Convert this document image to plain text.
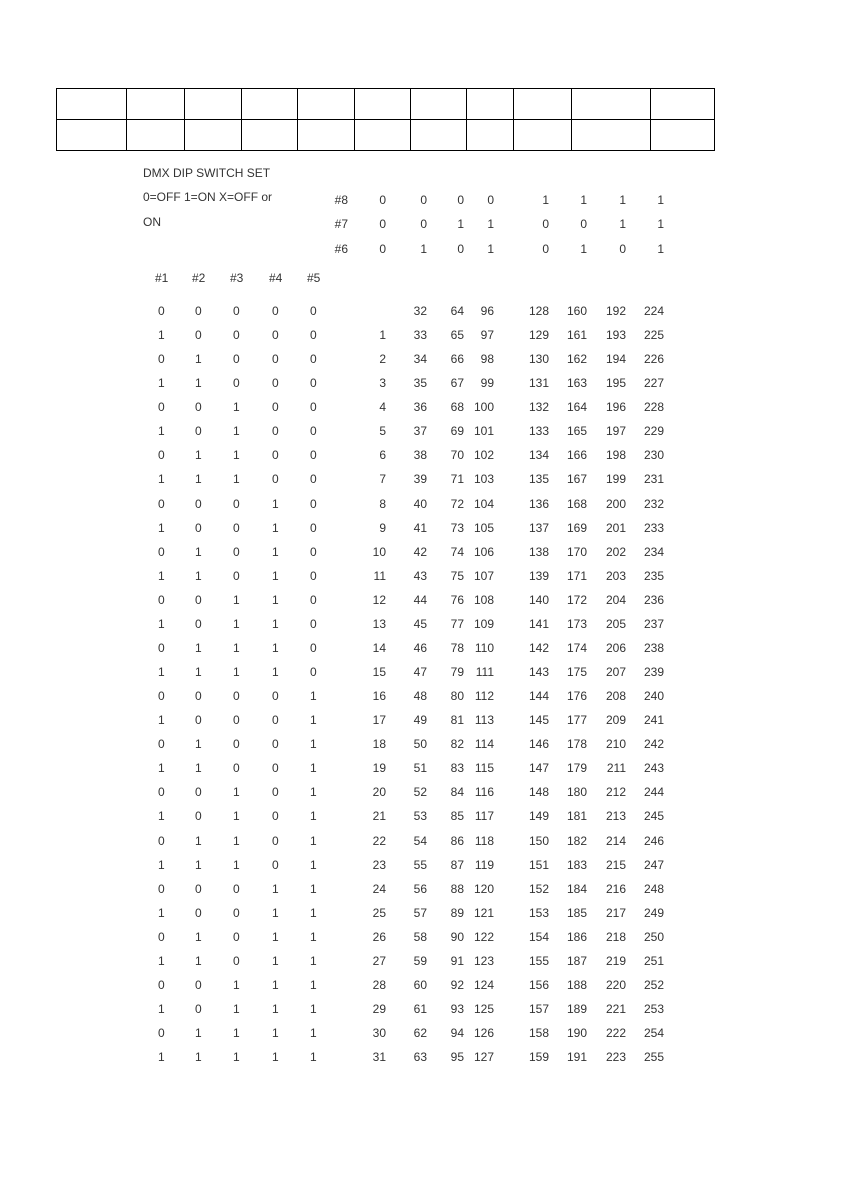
DMX DIP SWITCH SET
0=OFF 1=ON X=OFF or
ON
#8	0	0	0 0	1	1	1	1
#7	0	0	1 1	0	0	1	1
#6	0	1	0 1	0	1	0	1
#1 #2 #3 #4 #5
0	0	0	0	0	32 64 96	128 160 192 224
1	0	0	0	0	1 33 65 97	129 161 193 225
0	1	0	0	0	2 34 66 98	130 162 194 226
1	1	0	0	0	3 35 67 99	131 163 195 227
0	0	1	0	0	4 36 68 100	132 164 196 228
1	0	1	0	0	5 37 69 101	133 165 197 229
0	1	1	0	0	6 38 70 102	134 166 198 230
1	1	1	0	0	7 39 71 103	135 167 199 231
0	0	0	1	0	8 40 72 104	136 168 200 232
1	0	0	1	0	9 41 73 105	137 169 201 233
0	1	0	1	0	10 42 74 106	138 170 202 234
1	1	0	1	0	11 43 75 107	139 171 203 235
0	0	1	1	0	12 44 76 108	140 172 204 236
1	0	1	1	0	13 45 77 109	141 173 205 237
0	1	1	1	0	14 46 78 110	142 174 206 238
1	1	1	1	0	15 47 79 111	143 175 207 239
0	0	0	0	1	16 48 80 112	144 176 208 240
1	0	0	0	1	17 49 81 113	145 177 209 241
0	1	0	0	1	18 50 82 114	146 178 210 242
1	1	0	0	1	19 51 83 115	147 179 211 243
0	0	1	0	1	20 52 84 116	148 180 212 244
1	0	1	0	1	21 53 85 117	149 181 213 245
0	1	1	0	1	22 54 86 118	150 182 214 246
1	1	1	0	1	23 55 87 119	151 183 215 247
0	0	0	1	1	24 56 88 120	152 184 216 248
1	0	0	1	1	25 57 89 121	153 185 217 249
0	1	0	1	1	26 58 90 122	154 186 218 250
1	1	0	1	1	27 59 91 123	155 187 219 251
0	0	1	1	1	28 60 92 124	156 188 220 252
1	0	1	1	1	29 61 93 125	157 189 221 253
0	1	1	1	1	30 62 94 126	158 190 222 254
1	1	1	1	1	31 63 95 127	159 191 223 255
